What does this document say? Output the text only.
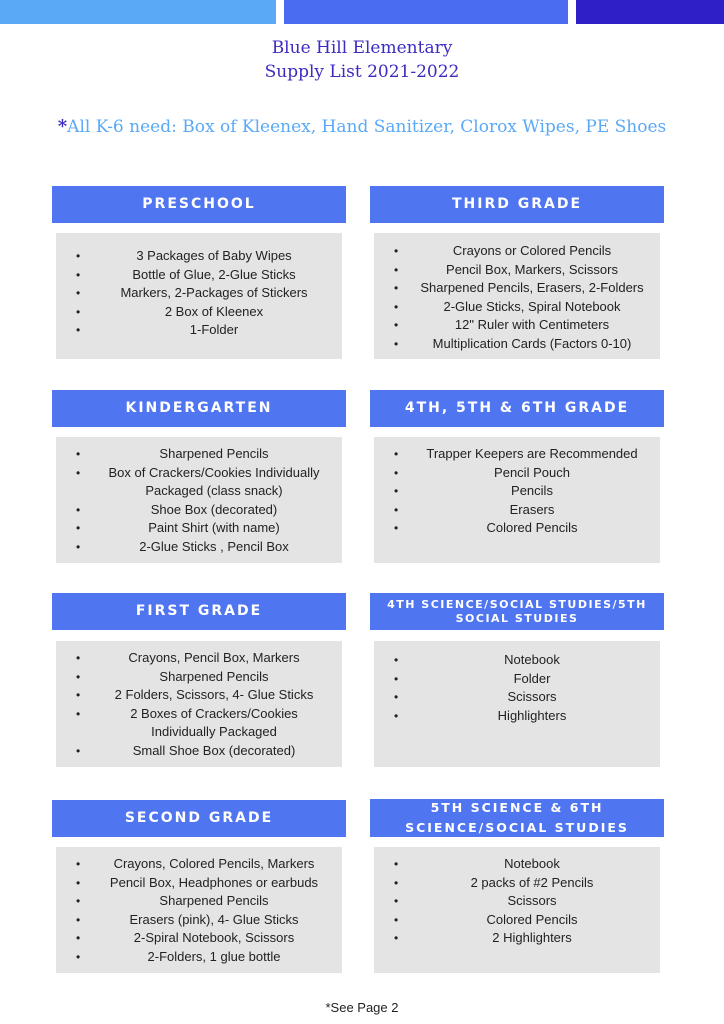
Blue Hill Elementary
Supply List 2021-2022
*All K-6 need: Box of Kleenex, Hand Sanitizer, Clorox Wipes, PE Shoes
PRESCHOOL
• 3 Packages of Baby Wipes
• Bottle of Glue, 2-Glue Sticks
• Markers, 2-Packages of Stickers
• 2 Box of Kleenex
• 1-Folder
THIRD GRADE
• Crayons or Colored Pencils
• Pencil Box, Markers, Scissors
• Sharpened Pencils, Erasers, 2-Folders
• 2-Glue Sticks, Spiral Notebook
• 12" Ruler with Centimeters
• Multiplication Cards (Factors 0-10)
KINDERGARTEN
• Sharpened Pencils
• Box of Crackers/Cookies Individually Packaged (class snack)
• Shoe Box (decorated)
• Paint Shirt (with name)
• 2-Glue Sticks , Pencil Box
4TH, 5TH & 6TH GRADE
• Trapper Keepers are Recommended
• Pencil Pouch
• Pencils
• Erasers
• Colored Pencils
FIRST GRADE
• Crayons, Pencil Box, Markers
• Sharpened Pencils
• 2 Folders, Scissors, 4- Glue Sticks
• 2 Boxes of Crackers/Cookies Individually Packaged
• Small Shoe Box (decorated)
4TH SCIENCE/SOCIAL STUDIES/5TH SOCIAL STUDIES
• Notebook
• Folder
• Scissors
• Highlighters
SECOND GRADE
• Crayons, Colored Pencils, Markers
• Pencil Box, Headphones or earbuds
• Sharpened Pencils
• Erasers (pink), 4- Glue Sticks
• 2-Spiral Notebook, Scissors
• 2-Folders, 1 glue bottle
5TH SCIENCE & 6TH SCIENCE/SOCIAL STUDIES
• Notebook
• 2 packs of #2 Pencils
• Scissors
• Colored Pencils
• 2 Highlighters
*See Page 2
